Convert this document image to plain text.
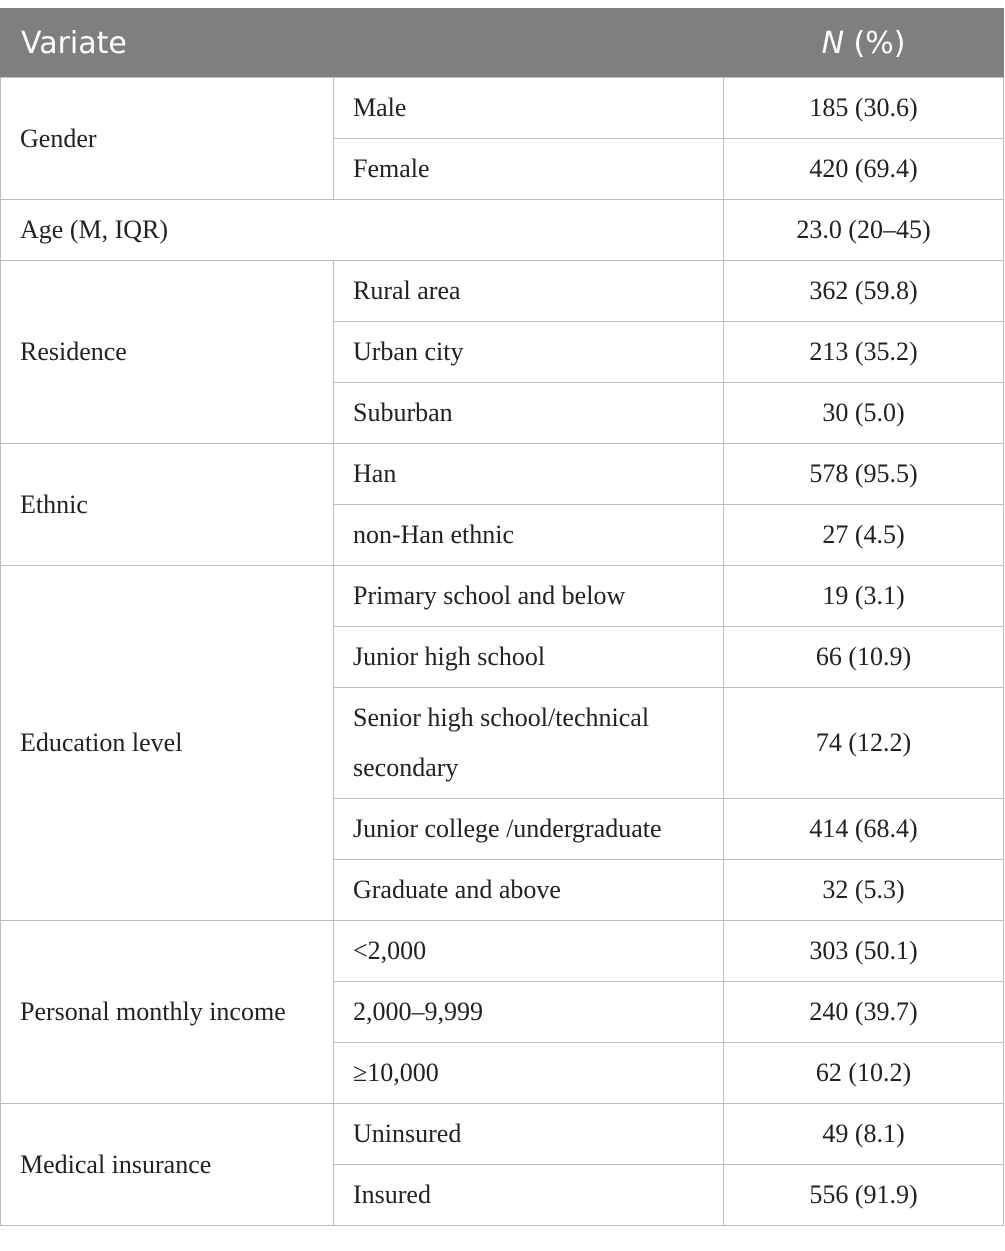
Variate		N (%)
Gender	Male	185 (30.6)
	Female	420 (69.4)
Age (M, IQR)		23.0 (20–45)
Residence	Rural area	362 (59.8)
	Urban city	213 (35.2)
	Suburban	30 (5.0)
Ethnic	Han	578 (95.5)
	non-Han ethnic	27 (4.5)
Education level	Primary school and below	19 (3.1)
	Junior high school	66 (10.9)
	Senior high school/technical secondary	74 (12.2)
	Junior college /undergraduate	414 (68.4)
	Graduate and above	32 (5.3)
Personal monthly income	<2,000	303 (50.1)
	2,000–9,999	240 (39.7)
	≥10,000	62 (10.2)
Medical insurance	Uninsured	49 (8.1)
	Insured	556 (91.9)
